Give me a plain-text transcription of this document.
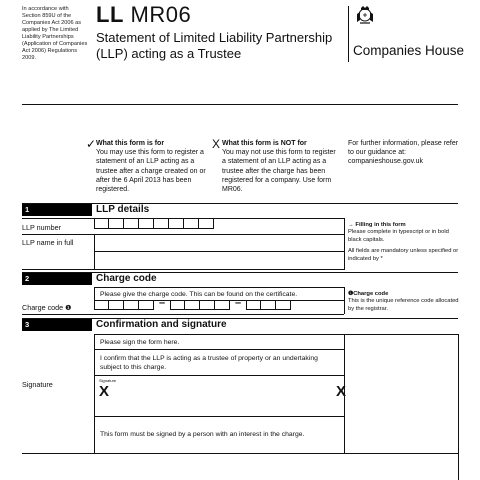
In accordance with Section 859U of the Companies Act 2006 as applied by The Limited Liability Partnerships (Application of Companies Act 2006) Regulations 2009.
LL MR06
Statement of Limited Liability Partnership (LLP) acting as a Trustee	Companies House
✓ What this form is for
You may use this form to register a statement of an LLP acting as a trustee after a charge created on or after the 6 April 2013 has been registered.
X What this form is NOT for
You may not use this form to register a statement of an LLP acting as a trustee after the charge has been registered for a company. Use form MR06.
For further information, please refer to our guidance at: companieshouse.gov.uk
1	LLP details
LLP number
LLP name in full
→ Filling in this form
Please complete in typescript or in bold black capitals.
All fields are mandatory unless specified or indicated by *
2	Charge code
Please give the charge code. This can be found on the certificate.
Charge code ❶	–	–
❶Charge code
This is the unique reference code allocated by the registrar.
3	Confirmation and signature
Please sign the form here.
I confirm that the LLP is acting as a trustee of property or an undertaking subject to this charge.
Signature	Signature
X	X
This form must be signed by a person with an interest in the charge.
